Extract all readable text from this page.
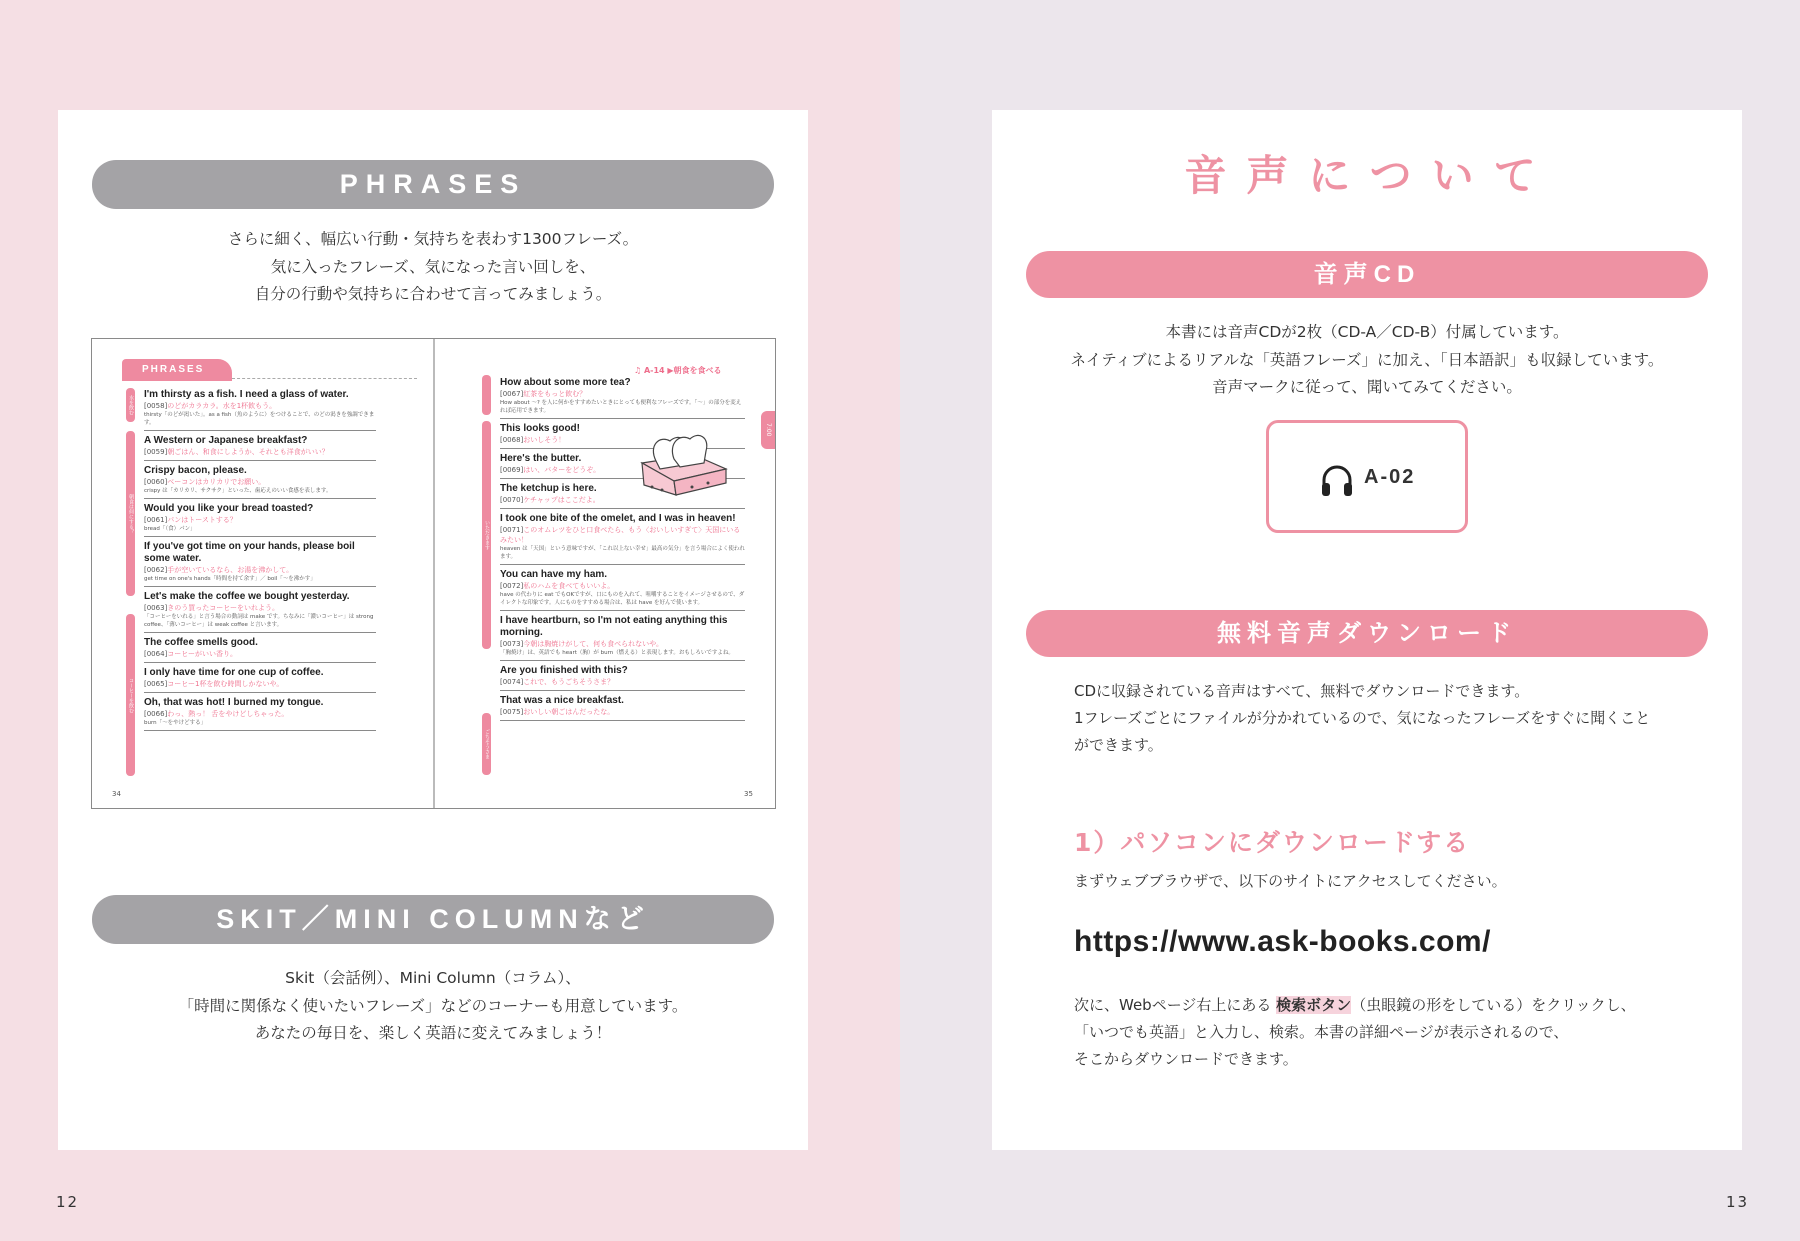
PHRASES
さらに細く、幅広い行動・気持ちを表わす1300フレーズ。
気に入ったフレーズ、気になった言い回しを、
自分の行動や気持ちに合わせて言ってみましょう。
PHRASES
水を飲む
朝食は何にする？
コーヒーを飲む
I'm thirsty as a fish. I need a glass of water.
[0058]のどがカラカラ。水を1杯飲もう。
thirsty「のどが渇いた」。as a fish（魚のように）をつけることで、のどの渇きを強調できます。
A Western or Japanese breakfast?
[0059]朝ごはん、和食にしようか、それとも洋食がいい？
Crispy bacon, please.
[0060]ベーコンはカリカリでお願い。
crispy は「カリカリ、サクサク」といった、歯応えのいい食感を表します。
Would you like your bread toasted?
[0061]パンはトーストする？
bread「（食）パン」
If you've got time on your hands, please boil some water.
[0062]手が空いているなら、お湯を沸かして。
get time on one's hands「時間を持て余す」／ boil「～を沸かす」
Let's make the coffee we bought yesterday.
[0063]きのう買ったコーヒーをいれよう。
「コーヒーをいれる」と言う場合の動詞は make です。ちなみに「濃いコーヒー」は strong coffee、「薄いコーヒー」は weak coffee と言います。
The coffee smells good.
[0064]コーヒーがいい香り。
I only have time for one cup of coffee.
[0065]コーヒー1杯を飲む時間しかないや。
Oh, that was hot! I burned my tongue.
[0066]わっ、熱っ！ 舌をやけどしちゃった。
burn「～をやけどする」
34
♫ A-14 ▶朝食を食べる
7:00
いただきます
ごちそうさま
How about some more tea?
[0067]紅茶をもっと飲む？
How about ～? を人に何かをすすめたいときにとっても便利なフレーズです。「～」の部分を変えれば応用できます。
This looks good!
[0068]おいしそう！
Here's the butter.
[0069]はい、バターをどうぞ。
The ketchup is here.
[0070]ケチャップはここだよ。
I took one bite of the omelet, and I was in heaven!
[0071]このオムレツをひと口食べたら、もう〈おいしいすぎて〉天国にいるみたい！
heaven は「天国」という意味ですが、「これ以上ない幸せ」最高の気分」を言う場合によく使われます。
You can have my ham.
[0072]私のハムを食べてもいいよ。
have の代わりに eat でもOKですが、口にものを入れて、咀嚼することをイメージさせるので、ダイレクトな印象です。人にものをすすめる場合は、私は have を好んで使います。
I have heartburn, so I'm not eating anything this morning.
[0073]今朝は胸焼けがして、何も食べられないや。
「胸焼け」は、英語でも heart（胸）が burn（燃える）と表現します。おもしろいですよね。
Are you finished with this?
[0074]これで、もうごちそうさま？
That was a nice breakfast.
[0075]おいしい朝ごはんだったな。
35
SKIT／MINI COLUMNなど
Skit（会話例）、Mini Column（コラム）、
「時間に関係なく使いたいフレーズ」などのコーナーも用意しています。
あなたの毎日を、楽しく英語に変えてみましょう！
12
音声について
音声CD
本書には音声CDが2枚（CD-A／CD-B）付属しています。
ネイティブによるリアルな「英語フレーズ」に加え、「日本語訳」も収録しています。
音声マークに従って、聞いてみてください。
A-02
無料音声ダウンロード
CDに収録されている音声はすべて、無料でダウンロードできます。
1フレーズごとにファイルが分かれているので、気になったフレーズをすぐに聞くこと
ができます。
1）パソコンにダウンロードする
まずウェブブラウザで、以下のサイトにアクセスしてください。
https://www.ask-books.com/
次に、Webページ右上にある 検索ボタン（虫眼鏡の形をしている）をクリックし、
「いつでも英語」と入力し、検索。本書の詳細ページが表示されるので、
そこからダウンロードできます。
13
